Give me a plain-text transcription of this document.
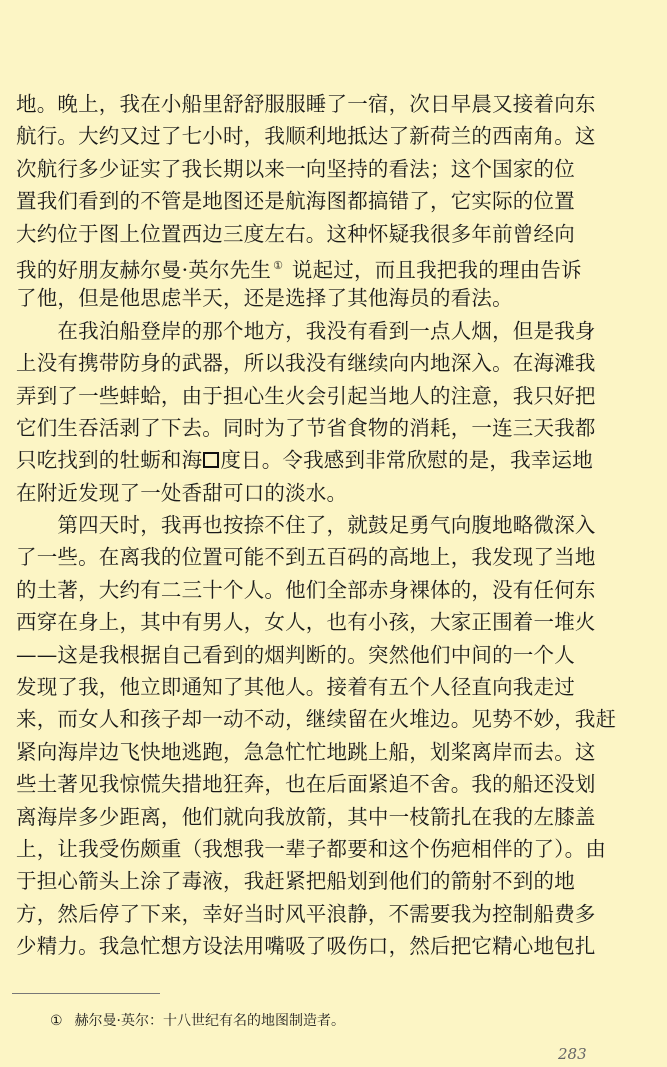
地。晚上，我在小船里舒舒服服睡了一宿，次日早晨又接着向东
航行。大约又过了七小时，我顺利地抵达了新荷兰的西南角。这
次航行多少证实了我长期以来一向坚持的看法；这个国家的位
置我们看到的不管是地图还是航海图都搞错了，它实际的位置
大约位于图上位置西边三度左右。这种怀疑我很多年前曾经向
我的好朋友赫尔曼·英尔先生 ① 说起过，而且我把我的理由告诉
了他，但是他思虑半天，还是选择了其他海员的看法。
　　在我泊船登岸的那个地方，我没有看到一点人烟，但是我身
上没有携带防身的武器，所以我没有继续向内地深入。在海滩我
弄到了一些蚌蛤，由于担心生火会引起当地人的注意，我只好把
它们生吞活剥了下去。同时为了节省食物的消耗，一连三天我都
只吃找到的牡蛎和海 度日。令我感到非常欣慰的是，我幸运地
在附近发现了一处香甜可口的淡水。
　　第四天时，我再也按捺不住了，就鼓足勇气向腹地略微深入
了一些。在离我的位置可能不到五百码的高地上，我发现了当地
的土著，大约有二三十个人。他们全部赤身裸体的，没有任何东
西穿在身上，其中有男人，女人，也有小孩，大家正围着一堆火
——这是我根据自己看到的烟判断的。突然他们中间的一个人
发现了我，他立即通知了其他人。接着有五个人径直向我走过
来，而女人和孩子却一动不动，继续留在火堆边。见势不妙，我赶
紧向海岸边飞快地逃跑，急急忙忙地跳上船，划桨离岸而去。这
些土著见我惊慌失措地狂奔，也在后面紧追不舍。我的船还没划
离海岸多少距离，他们就向我放箭，其中一枝箭扎在我的左膝盖
上，让我受伤颇重（我想我一辈子都要和这个伤疤相伴的了）。由
于担心箭头上涂了毒液，我赶紧把船划到他们的箭射不到的地
方，然后停了下来，幸好当时风平浪静，不需要我为控制船费多
少精力。我急忙想方设法用嘴吸了吸伤口，然后把它精心地包扎
① 赫尔曼·英尔：十八世纪有名的地图制造者。
283
